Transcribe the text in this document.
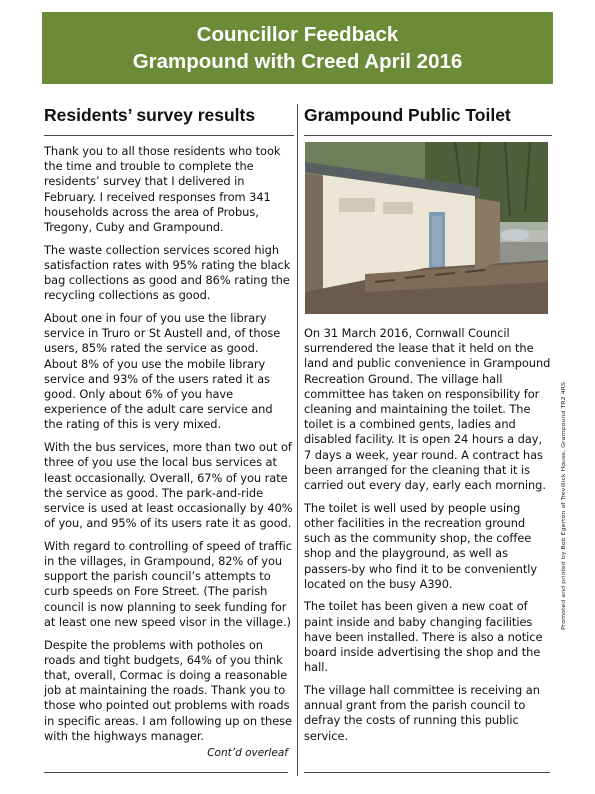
Councillor Feedback
Grampound with Creed April 2016
Residents’ survey results

Thank you to all those residents who took the time and trouble to complete the residents’ survey that I delivered in February. I received responses from 341 households across the area of Probus, Tregony, Cuby and Grampound.

The waste collection services scored high satisfaction rates with 95% rating the black bag collections as good and 86% rating the recycling collections as good.

About one in four of you use the library service in Truro or St Austell and, of those users, 85% rated the service as good. About 8% of you use the mobile library service and 93% of the users rated it as good. Only about 6% of you have experience of the adult care service and the rating of this is very mixed.

With the bus services, more than two out of three of you use the local bus services at least occasionally. Overall, 67% of you rate the service as good. The park-and-ride service is used at least occasionally by 40% of you, and 95% of its users rate it as good.

With regard to controlling of speed of traffic in the villages, in Grampound, 82% of you support the parish council’s attempts to curb speeds on Fore Street. (The parish council is now planning to seek funding for at least one new speed visor in the village.)

Despite the problems with potholes on roads and tight budgets, 64% of you think that, overall, Cormac is doing a reasonable job at maintaining the roads. Thank you to those who pointed out problems with roads in specific areas. I am following up on these with the highways manager.

Cont’d overleaf
Grampound Public Toilet

On 31 March 2016, Cornwall Council surrendered the lease that it held on the land and public convenience in Grampound Recreation Ground. The village hall committee has taken on responsibility for cleaning and maintaining the toilet. The toilet is a combined gents, ladies and disabled facility. It is open 24 hours a day, 7 days a week, year round. A contract has been arranged for the cleaning that it is carried out every day, early each morning.

The toilet is well used by people using other facilities in the recreation ground such as the community shop, the coffee shop and the playground, as well as passers-by who find it to be conveniently located on the busy A390.

The toilet has been given a new coat of paint inside and baby changing facilities have been installed. There is also a notice board inside advertising the shop and the hall.

The village hall committee is receiving an annual grant from the parish council to defray the costs of running this public service.

Promoted and printed by Bob Egerton of Trevillick House, Grampound TR2 4RS
